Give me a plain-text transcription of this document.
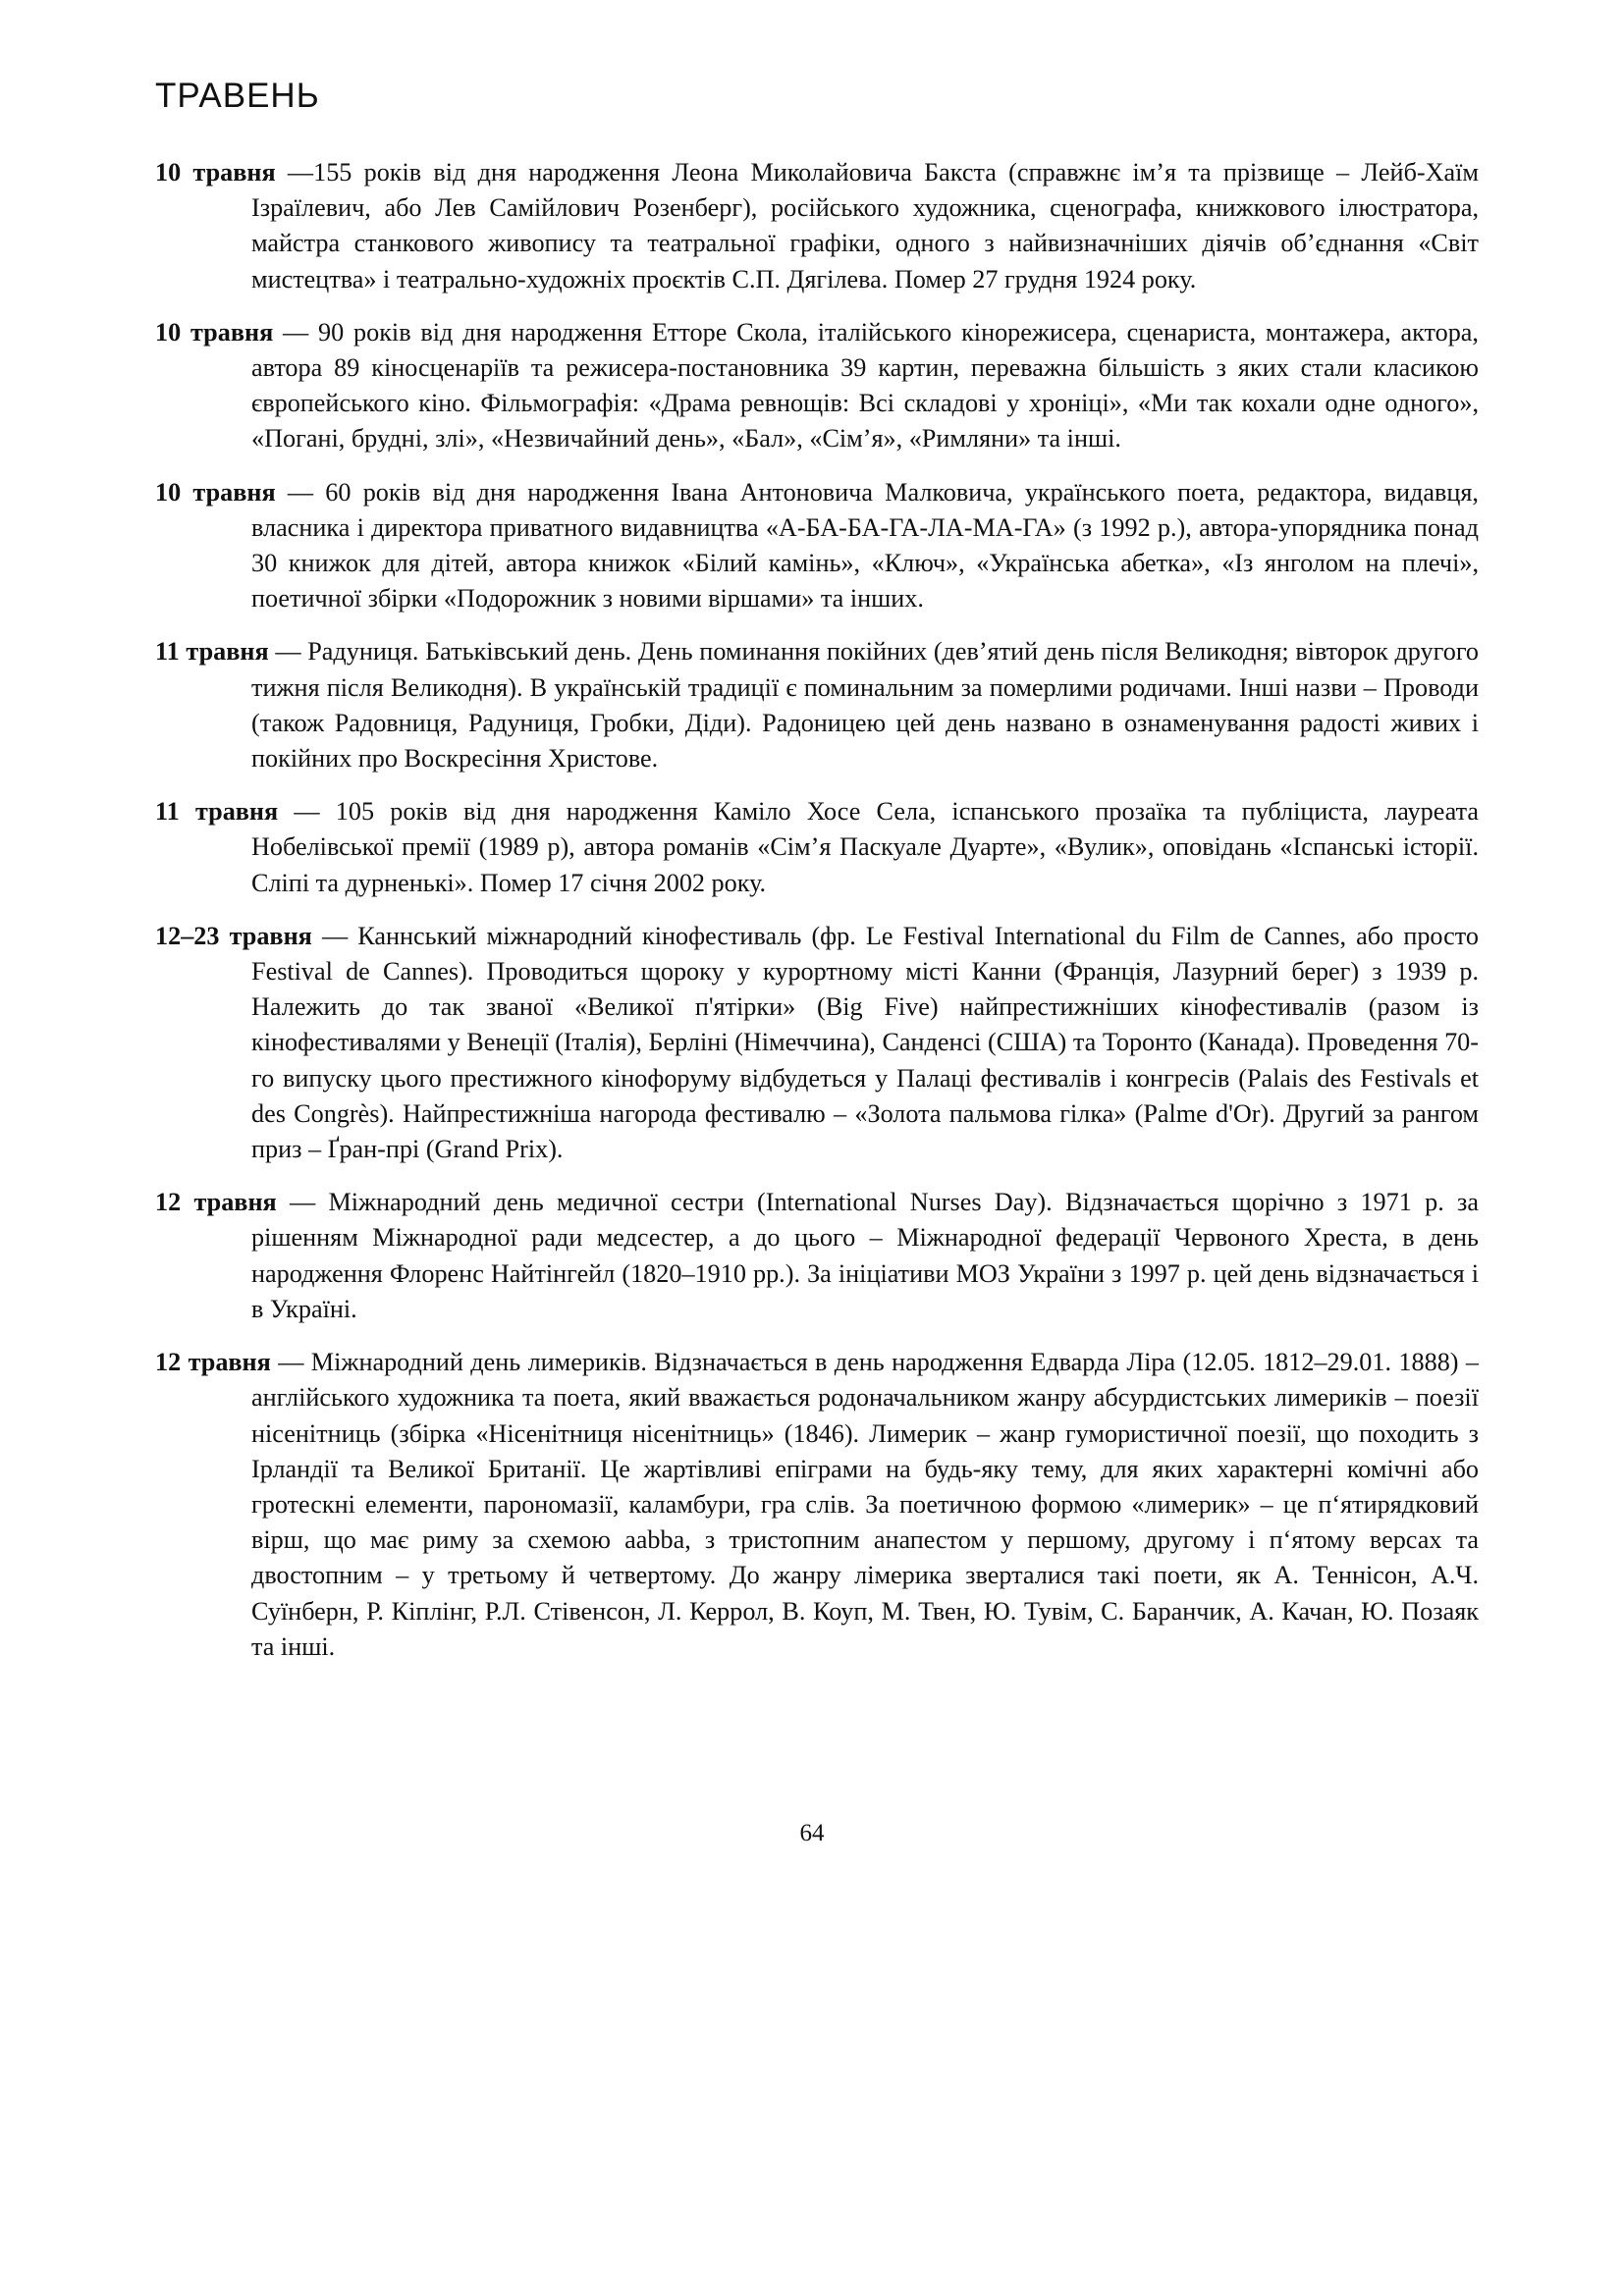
ТРАВЕНЬ

10 травня —155 років від дня народження Леона Миколайовича Бакста (справжнє ім’я та прізвище – Лейб-Хаїм Ізраїлевич, або Лев Самійлович Розенберг), російського художника, сценографа, книжкового ілюстратора, майстра станкового живопису та театральної графіки, одного з найвизначніших діячів об’єднання «Світ мистецтва» і театрально-художніх проєктів С.П. Дягілева. Помер 27 грудня 1924 року.

10 травня — 90 років від дня народження Етторе Скола, італійського кінорежисера, сценариста, монтажера, актора, автора 89 кіносценаріїв та режисера-постановника 39 картин, переважна більшість з яких стали класикою європейського кіно. Фільмографія: «Драма ревнощів: Всі складові у хроніці», «Ми так кохали одне одного», «Погані, брудні, злі», «Незвичайний день», «Бал», «Сім’я», «Римляни» та інші.

10 травня — 60 років від дня народження Івана Антоновича Малковича, українського поета, редактора, видавця, власника і директора приватного видавництва «А-БА-БА-ГА-ЛА-МА-ГА» (з 1992 р.), автора-упорядника понад 30 книжок для дітей, автора книжок «Білий камінь», «Ключ», «Українська абетка», «Із янголом на плечі», поетичної збірки «Подорожник з новими віршами» та інших.

11 травня — Радуниця. Батьківський день. День поминання покійних (дев’ятий день після Великодня; вівторок другого тижня після Великодня). В українській традиції є поминальним за померлими родичами. Інші назви – Проводи (також Радовниця, Радуниця, Гробки, Діди). Радоницею цей день названо в ознаменування радості живих і покійних про Воскресіння Христове.

11 травня — 105 років від дня народження Каміло Хосе Села, іспанського прозаїка та публіциста, лауреата Нобелівської премії (1989 р), автора романів «Сім’я Паскуале Дуарте», «Вулик», оповідань «Іспанські історії. Сліпі та дурненькі». Помер 17 січня 2002 року.

12–23 травня — Каннський міжнародний кінофестиваль (фр. Le Festival International du Film de Cannes, або просто Festival de Cannes). Проводиться щороку у курортному місті Канни (Франція, Лазурний берег) з 1939 р. Належить до так званої «Великої п'ятірки» (Big Five) найпрестижніших кінофестивалів (разом із кінофестивалями у Венеції (Італія), Берліні (Німеччина), Санденсі (США) та Торонто (Канада). Проведення 70-го випуску цього престижного кінофоруму відбудеться у Палаці фестивалів і конгресів (Palais des Festivals et des Congrès). Найпрестижніша нагорода фестивалю – «Золота пальмова гілка» (Palme d'Or). Другий за рангом приз – Ґран-прі (Grand Prix).

12 травня — Міжнародний день медичної сестри (International Nurses Day). Відзначається щорічно з 1971 р. за рішенням Міжнародної ради медсестер, а до цього – Міжнародної федерації Червоного Хреста, в день народження Флоренс Найтінгейл (1820–1910 рр.). За ініціативи МОЗ України з 1997 р. цей день відзначається і в Україні.

12 травня — Міжнародний день лимериків. Відзначається в день народження Едварда Ліра (12.05. 1812–29.01. 1888) – англійського художника та поета, який вважається родоначальником жанру абсурдистських лимериків – поезії нісенітниць (збірка «Нісенітниця нісенітниць» (1846). Лимерик – жанр гумористичної поезії, що походить з Ірландії та Великої Британії. Це жартівливі епіграми на будь-яку тему, для яких характерні комічні або гротескні елементи, парономазії, каламбури, гра слів. За поетичною формою «лимерик» – це п‘ятирядковий вірш, що має риму за схемою aabba, з тристопним анапестом у першому, другому і п‘ятому версах та двостопним – у третьому й четвертому. До жанру лімерика зверталися такі поети, як А. Теннісон, А.Ч. Суїнберн, Р. Кіплінг, Р.Л. Стівенсон, Л. Керрол, В. Коуп, М. Твен, Ю. Тувім, С. Баранчик, А. Качан, Ю. Позаяк та інші.

64
